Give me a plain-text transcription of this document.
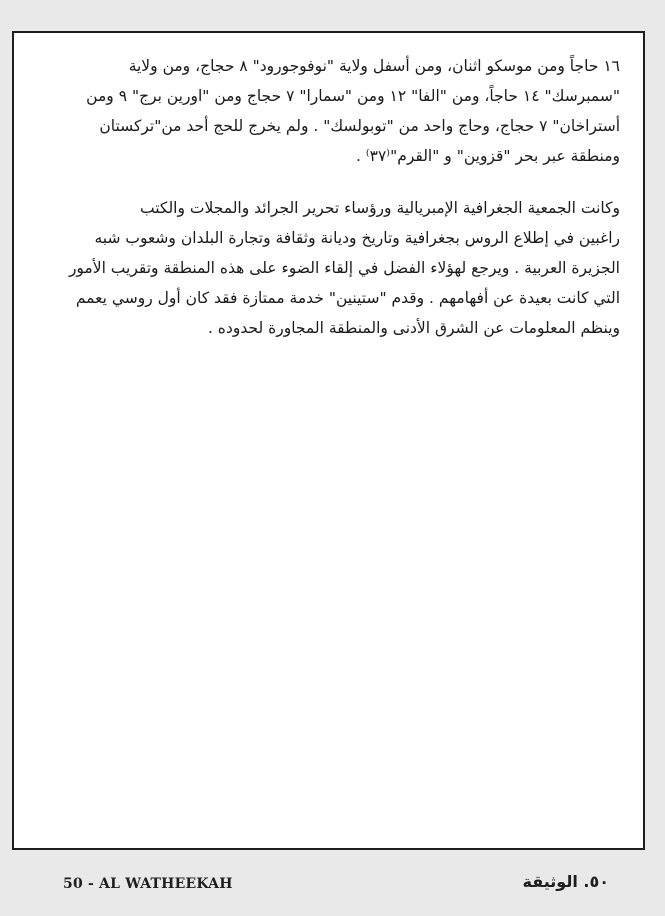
١٦ حاجاً ومن موسكو اثنان، ومن أسفل ولاية "نوفوجورود" ٨ حجاج، ومن ولاية
"سمبرسك" ١٤ حاجاً، ومن "الفا" ١٢ ومن "سمارا" ٧ حجاج ومن "اورين برج" ٩ ومن
أستراخان" ٧ حجاج، وحاج واحد من "توبولسك" . ولم يخرج للحج أحد من"تركستان
ومنطقة عبر بحر "قزوين" و "القرم"⁽٣٧⁾ .

وكانت الجمعية الجغرافية الإمبريالية ورؤساء تحرير الجرائد والمجلات والكتب
راغبين في إطلاع الروس بجغرافية وتاريخ وديانة وثقافة وتجارة البلدان وشعوب شبه
الجزيرة العربية . ويرجع لهؤلاء الفضل في إلقاء الضوء على هذه المنطقة وتقريب الأمور
التي كانت بعيدة عن أفهامهم . وقدم "ستينين" خدمة ممتازة فقد كان أول روسي يعمم
وينظم المعلومات عن الشرق الأدنى والمنطقة المجاورة لحدوده .

50 - AL WATHEEKAH	٥٠. الوثيقة
